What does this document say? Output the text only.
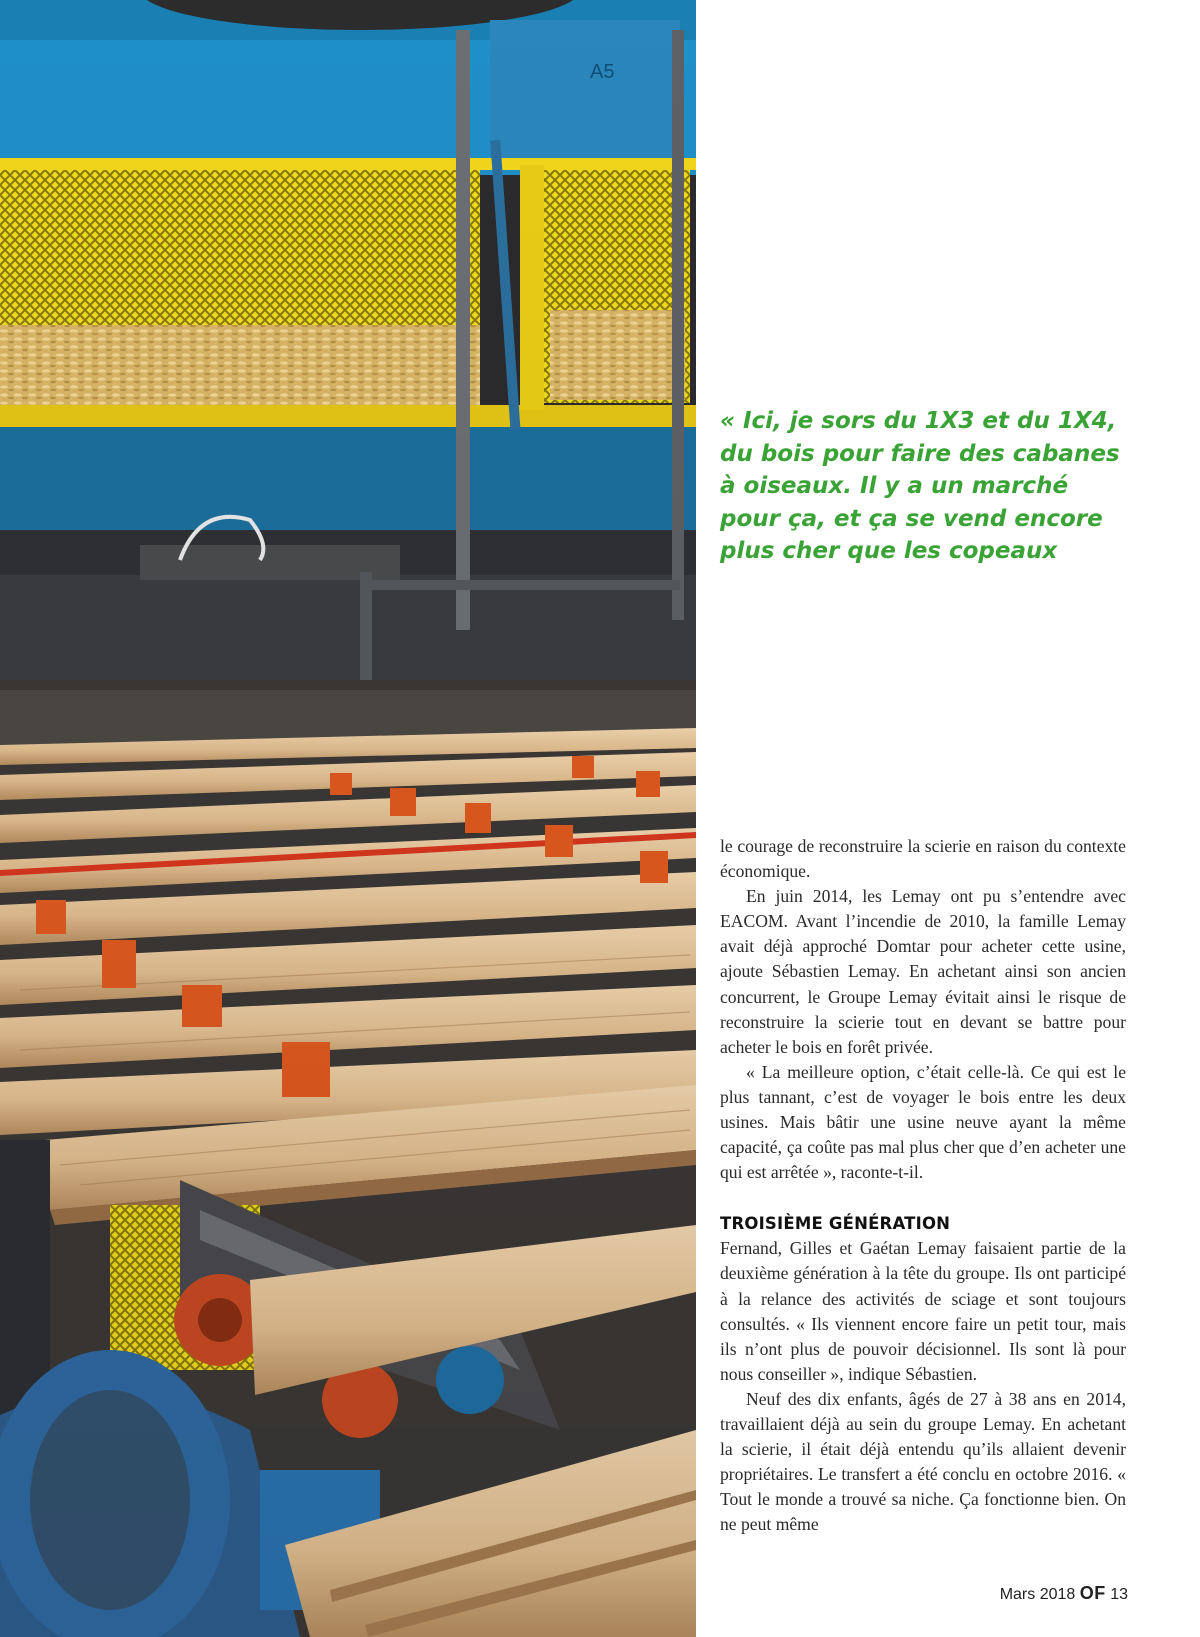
A5

« Ici, je sors du 1X3 et du 1X4, du bois pour faire des cabanes à oiseaux. Il y a un marché pour ça, et ça se vend encore plus cher que les copeaux

le courage de reconstruire la scierie en raison du contexte économique.

En juin 2014, les Lemay ont pu s’entendre avec EACOM. Avant l’incendie de 2010, la famille Lemay avait déjà approché Domtar pour acheter cette usine, ajoute Sébastien Lemay. En achetant ainsi son ancien concurrent, le Groupe Lemay évitait ainsi le risque de reconstruire la scierie tout en devant se battre pour acheter le bois en forêt privée.

« La meilleure option, c’était celle-là. Ce qui est le plus tannant, c’est de voyager le bois entre les deux usines. Mais bâtir une usine neuve ayant la même capacité, ça coûte pas mal plus cher que d’en acheter une qui est arrêtée », raconte-t-il.

TROISIÈME GÉNÉRATION

Fernand, Gilles et Gaétan Lemay faisaient partie de la deuxième génération à la tête du groupe. Ils ont participé à la relance des activités de sciage et sont toujours consultés. « Ils viennent encore faire un petit tour, mais ils n’ont plus de pouvoir décisionnel. Ils sont là pour nous conseiller », indique Sébastien.

Neuf des dix enfants, âgés de 27 à 38 ans en 2014, travaillaient déjà au sein du groupe Lemay. En achetant la scierie, il était déjà entendu qu’ils allaient devenir propriétaires. Le transfert a été conclu en octobre 2016. « Tout le monde a trouvé sa niche. Ça fonctionne bien. On ne peut même

Mars 2018 OF 13
